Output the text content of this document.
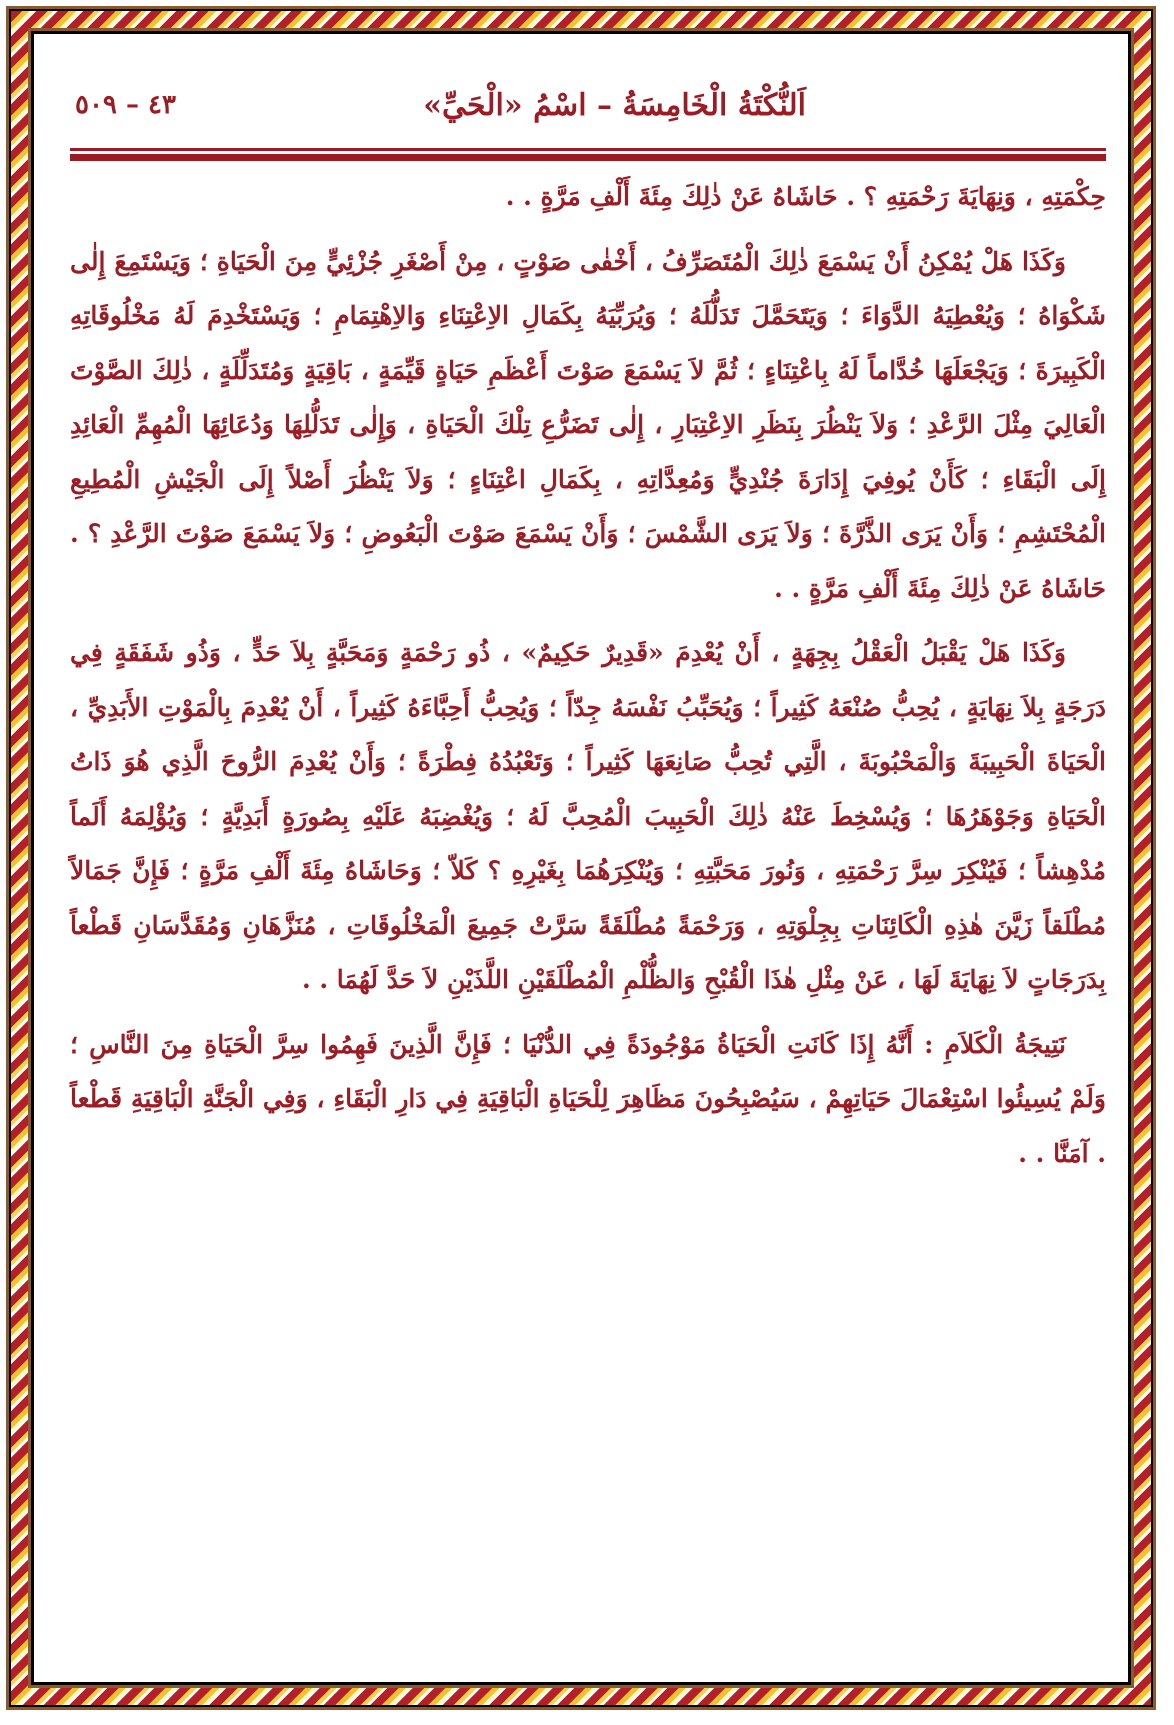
اَلنُّكْتَةُ الْخَامِسَةُ – اسْمُ «الْحَيِّ»
٤٣ – ٥٠٩

حِكْمَتِهِ ، وَنِهَايَةَ رَحْمَتِهِ ؟ . حَاشَاهُ عَنْ ذٰلِكَ مِئَةَ أَلْفِ مَرَّةٍ . .

وَكَذَا هَلْ يُمْكِنُ أَنْ يَسْمَعَ ذٰلِكَ الْمُتَصَرِّفُ ، أَخْفٰى صَوْتٍ ، مِنْ أَصْغَرِ جُزْئِيٍّ مِنَ الْحَيَاةِ ؛ وَيَسْتَمِعَ إِلٰى شَكْوَاهُ ؛ وَيُعْطِيَهُ الدَّوَاءَ ؛ وَيَتَحَمَّلَ تَدَلُّلَهُ ؛ وَيُرَبِّيَهُ بِكَمَالِ الاِعْتِنَاءِ وَالاِهْتِمَامِ ؛ وَيَسْتَخْدِمَ لَهُ مَخْلُوقَاتِهِ الْكَبِيرَةَ ؛ وَيَجْعَلَهَا خُدَّاماً لَهُ بِاعْتِنَاءٍ ؛ ثُمَّ لاَ يَسْمَعَ صَوْتَ أَعْظَمِ حَيَاةٍ قَيِّمَةٍ ، بَاقِيَةٍ وَمُتَدَلِّلَةٍ ، ذٰلِكَ الصَّوْتَ الْعَالِيَ مِثْلَ الرَّعْدِ ؛ وَلاَ يَنْظُرَ بِنَظَرِ الاِعْتِبَارِ ، إِلٰى تَضَرُّعِ تِلْكَ الْحَيَاةِ ، وَإِلٰى تَدَلُّلِهَا وَدُعَائِهَا الْمُهِمِّ الْعَائِدِ إِلَى الْبَقَاءِ ؛ كَأَنْ يُوفِيَ إِدَارَةَ جُنْدِيٍّ وَمُعِدَّاتِهِ ، بِكَمَالِ اعْتِنَاءٍ ؛ وَلاَ يَنْظُرَ أَصْلاً إِلَى الْجَيْشِ الْمُطِيعِ الْمُحْتَشِمِ ؛ وَأَنْ يَرَى الذَّرَّةَ ؛ وَلاَ يَرَى الشَّمْسَ ؛ وَأَنْ يَسْمَعَ صَوْتَ الْبَعُوضِ ؛ وَلاَ يَسْمَعَ صَوْتَ الرَّعْدِ ؟ . حَاشَاهُ عَنْ ذٰلِكَ مِئَةَ أَلْفِ مَرَّةٍ . .

وَكَذَا هَلْ يَقْبَلُ الْعَقْلُ بِجِهَةٍ ، أَنْ يُعْدِمَ «قَدِيرٌ حَكِيمٌ» ، ذُو رَحْمَةٍ وَمَحَبَّةٍ بِلاَ حَدٍّ ، وَذُو شَفَقَةٍ فِي دَرَجَةٍ بِلاَ نِهَايَةٍ ، يُحِبُّ صُنْعَهُ كَثِيراً ؛ وَيُحَبِّبُ نَفْسَهُ جِدّاً ؛ وَيُحِبُّ أَحِبَّاءَهُ كَثِيراً ، أَنْ يُعْدِمَ بِالْمَوْتِ الأَبَدِيِّ ، الْحَيَاةَ الْحَبِيبَةَ وَالْمَحْبُوبَةَ ، الَّتِي تُحِبُّ صَانِعَهَا كَثِيراً ؛ وَتَعْبُدُهُ فِطْرَةً ؛ وَأَنْ يُعْدِمَ الرُّوحَ الَّذِي هُوَ ذَاتُ الْحَيَاةِ وَجَوْهَرُهَا ؛ وَيُسْخِطَ عَنْهُ ذٰلِكَ الْحَبِيبَ الْمُحِبَّ لَهُ ؛ وَيُغْضِبَهُ عَلَيْهِ بِصُورَةٍ أَبَدِيَّةٍ ؛ وَيُؤْلِمَهُ أَلَماً مُدْهِشاً ؛ فَيُنْكِرَ سِرَّ رَحْمَتِهِ ، وَنُورَ مَحَبَّتِهِ ؛ وَيُنْكِرَهُمَا بِغَيْرِهِ ؟ كَلاّ ؛ وَحَاشَاهُ مِئَةَ أَلْفِ مَرَّةٍ ؛ فَإِنَّ جَمَالاً مُطْلَقاً زَيَّنَ هٰذِهِ الْكَائِنَاتِ بِجِلْوَتِهِ ، وَرَحْمَةً مُطْلَقَةً سَرَّتْ جَمِيعَ الْمَخْلُوقَاتِ ، مُنَزَّهَانِ وَمُقَدَّسَانِ قَطْعاً بِدَرَجَاتٍ لاَ نِهَايَةَ لَهَا ، عَنْ مِثْلِ هٰذَا الْقُبْحِ وَالظُّلْمِ الْمُطْلَقَيْنِ اللَّذَيْنِ لاَ حَدَّ لَهُمَا . .

نَتِيجَةُ الْكَلاَمِ : أَنَّهُ إِذَا كَانَتِ الْحَيَاةُ مَوْجُودَةً فِي الدُّنْيَا ؛ فَإِنَّ الَّذِينَ فَهِمُوا سِرَّ الْحَيَاةِ مِنَ النَّاسِ ؛ وَلَمْ يُسِيئُوا اسْتِعْمَالَ حَيَاتِهِمْ ، سَيُصْبِحُونَ مَظَاهِرَ لِلْحَيَاةِ الْبَاقِيَةِ فِي دَارِ الْبَقَاءِ ، وَفِي الْجَنَّةِ الْبَاقِيَةِ قَطْعاً . آمَنَّا . .
